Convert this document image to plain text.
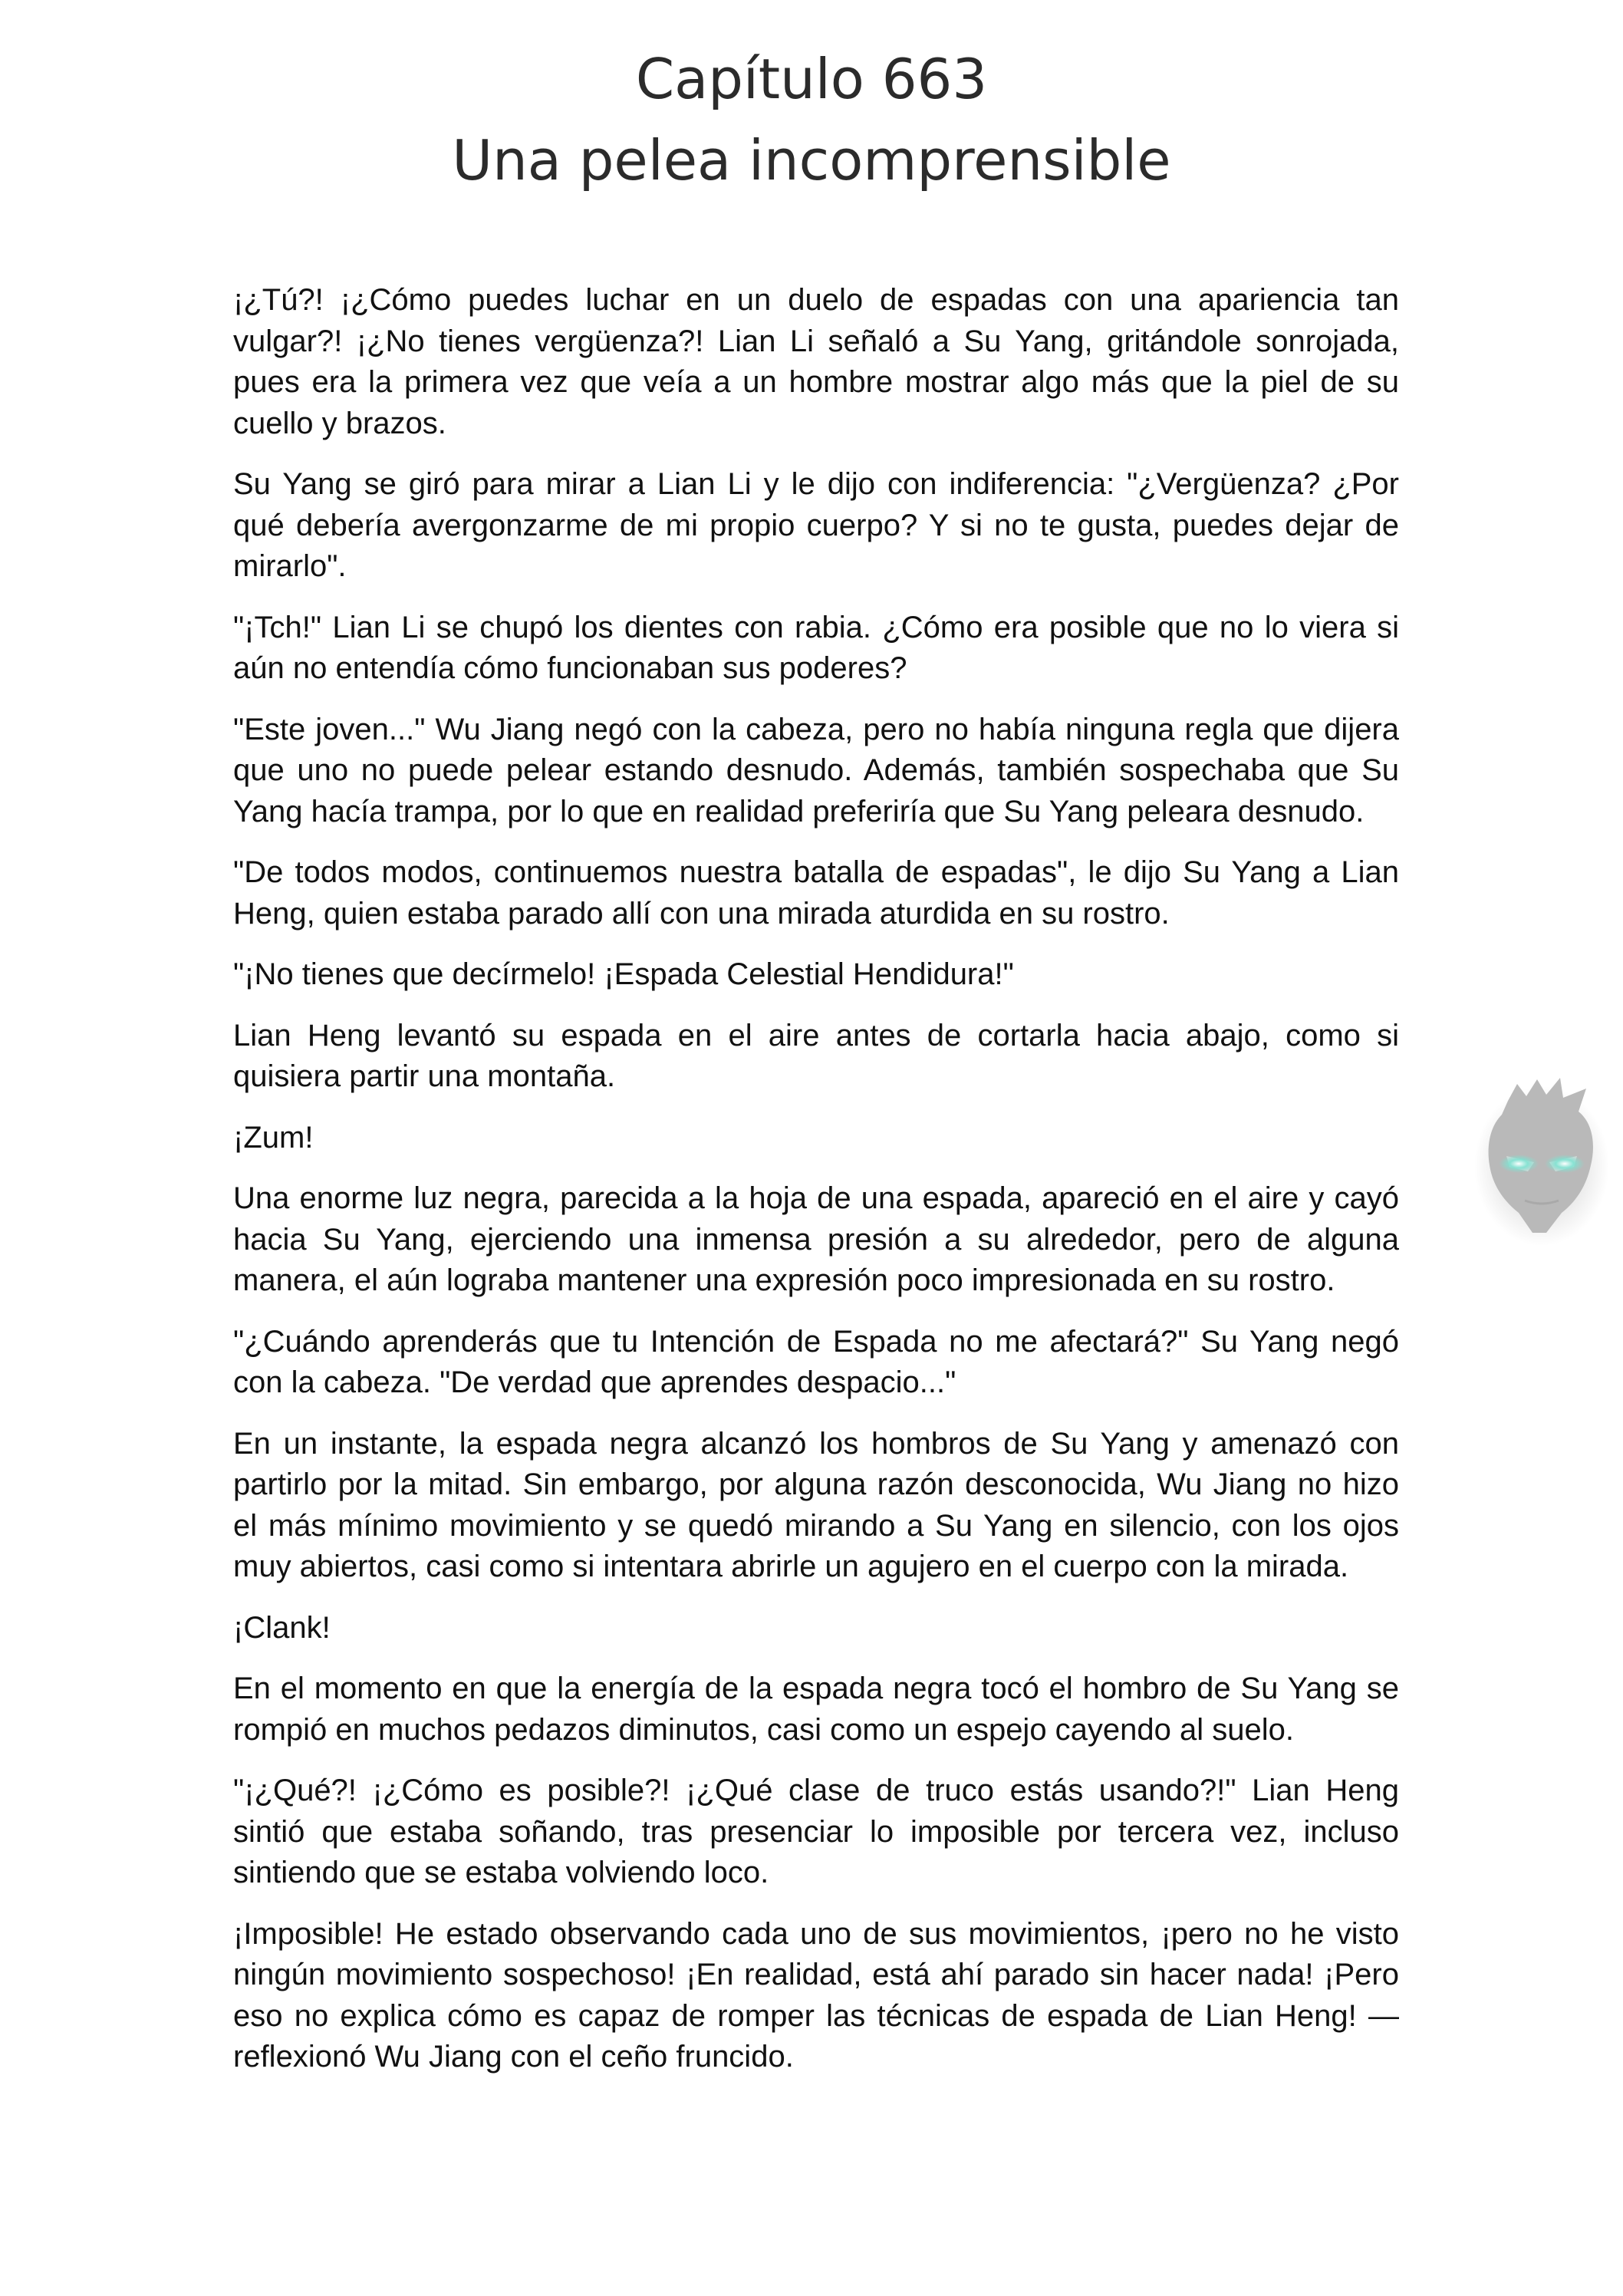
Capítulo 663
Una pelea incomprensible

¡¿Tú?! ¡¿Cómo puedes luchar en un duelo de espadas con una apariencia tan vulgar?! ¡¿No tienes vergüenza?! Lian Li señaló a Su Yang, gritándole sonrojada, pues era la primera vez que veía a un hombre mostrar algo más que la piel de su cuello y brazos.

Su Yang se giró para mirar a Lian Li y le dijo con indiferencia: "¿Vergüenza? ¿Por qué debería avergonzarme de mi propio cuerpo? Y si no te gusta, puedes dejar de mirarlo".

"¡Tch!" Lian Li se chupó los dientes con rabia. ¿Cómo era posible que no lo viera si aún no entendía cómo funcionaban sus poderes?

"Este joven..." Wu Jiang negó con la cabeza, pero no había ninguna regla que dijera que uno no puede pelear estando desnudo. Además, también sospechaba que Su Yang hacía trampa, por lo que en realidad preferiría que Su Yang peleara desnudo.

"De todos modos, continuemos nuestra batalla de espadas", le dijo Su Yang a Lian Heng, quien estaba parado allí con una mirada aturdida en su rostro.

"¡No tienes que decírmelo! ¡Espada Celestial Hendidura!"

Lian Heng levantó su espada en el aire antes de cortarla hacia abajo, como si quisiera partir una montaña.

¡Zum!

Una enorme luz negra, parecida a la hoja de una espada, apareció en el aire y cayó hacia Su Yang, ejerciendo una inmensa presión a su alrededor, pero de alguna manera, el aún lograba mantener una expresión poco impresionada en su rostro.

"¿Cuándo aprenderás que tu Intención de Espada no me afectará?" Su Yang negó con la cabeza. "De verdad que aprendes despacio..."

En un instante, la espada negra alcanzó los hombros de Su Yang y amenazó con partirlo por la mitad. Sin embargo, por alguna razón desconocida, Wu Jiang no hizo el más mínimo movimiento y se quedó mirando a Su Yang en silencio, con los ojos muy abiertos, casi como si intentara abrirle un agujero en el cuerpo con la mirada.

¡Clank!

En el momento en que la energía de la espada negra tocó el hombro de Su Yang se rompió en muchos pedazos diminutos, casi como un espejo cayendo al suelo.

"¡¿Qué?! ¡¿Cómo es posible?! ¡¿Qué clase de truco estás usando?!" Lian Heng sintió que estaba soñando, tras presenciar lo imposible por tercera vez, incluso sintiendo que se estaba volviendo loco.

¡Imposible! He estado observando cada uno de sus movimientos, ¡pero no he visto ningún movimiento sospechoso! ¡En realidad, está ahí parado sin hacer nada! ¡Pero eso no explica cómo es capaz de romper las técnicas de espada de Lian Heng! —reflexionó Wu Jiang con el ceño fruncido.
